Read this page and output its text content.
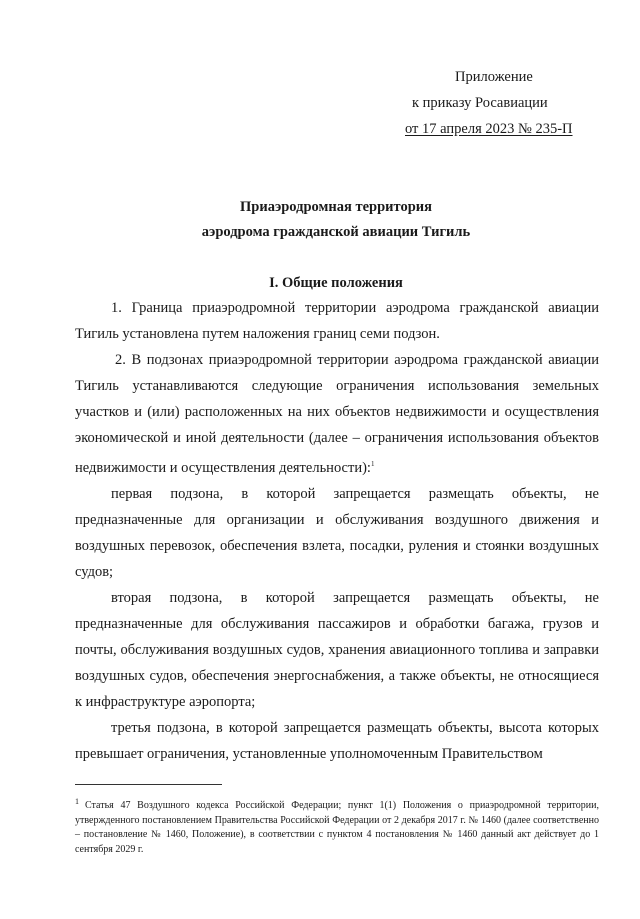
Приложение
к приказу Росавиации
от 17 апреля 2023 № 235-П
Приаэродромная территория
аэродрома гражданской авиации Тигиль
I. Общие положения

1. Граница приаэродромной территории аэродрома гражданской авиации Тигиль установлена путем наложения границ семи подзон.

2. В подзонах приаэродромной территории аэродрома гражданской авиации Тигиль устанавливаются следующие ограничения использования земельных участков и (или) расположенных на них объектов недвижимости и осуществления экономической и иной деятельности (далее – ограничения использования объектов недвижимости и осуществления деятельности):$^1$

первая подзона, в которой запрещается размещать объекты, не предназначенные для организации и обслуживания воздушного движения и воздушных перевозок, обеспечения взлета, посадки, руления и стоянки воздушных судов;

вторая подзона, в которой запрещается размещать объекты, не предназначенные для обслуживания пассажиров и обработки багажа, грузов и почты, обслуживания воздушных судов, хранения авиационного топлива и заправки воздушных судов, обеспечения энергоснабжения, а также объекты, не относящиеся к инфраструктуре аэропорта;

третья подзона, в которой запрещается размещать объекты, высота которых превышает ограничения, установленные уполномоченным Правительством

$^1$ Статья 47 Воздушного кодекса Российской Федерации; пункт 1(1) Положения о приаэродромной территории, утвержденного постановлением Правительства Российской Федерации от 2 декабря 2017 г. № 1460 (далее соответственно – постановление № 1460, Положение), в соответствии с пунктом 4 постановления № 1460 данный акт действует до 1 сентября 2029 г.
